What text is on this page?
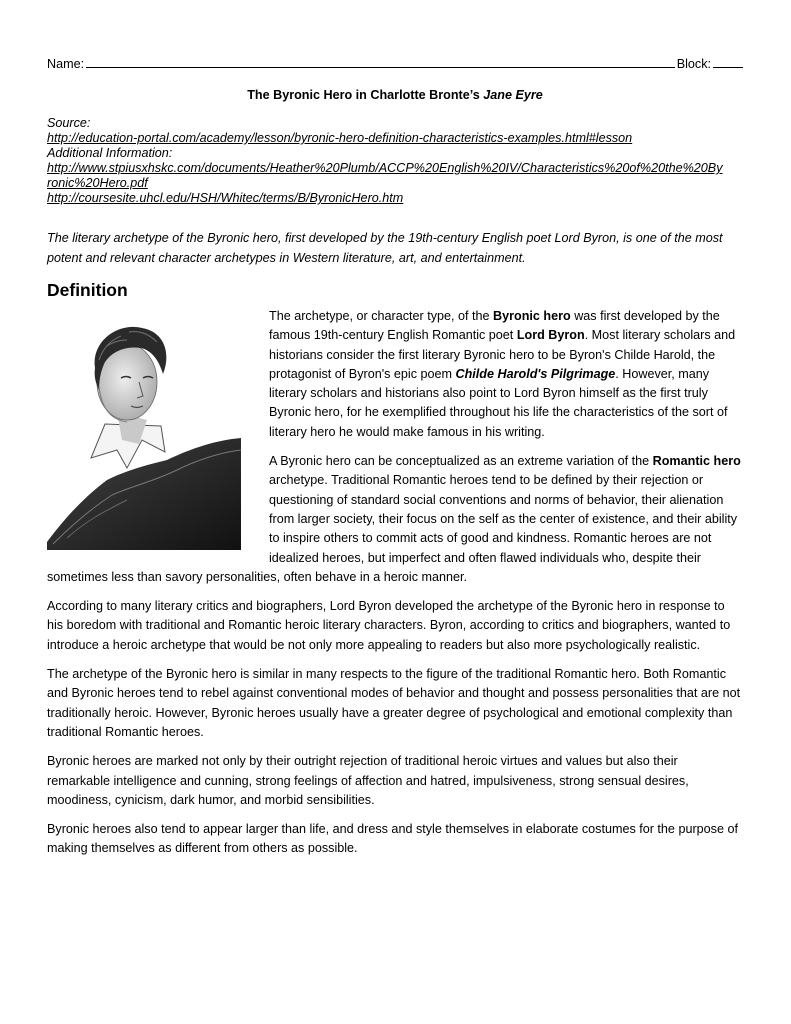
Name:	Block:
The Byronic Hero in Charlotte Bronte’s Jane Eyre
Source:
http://education-portal.com/academy/lesson/byronic-hero-definition-characteristics-examples.html#lesson
Additional Information:
http://www.stpiusxhskc.com/documents/Heather%20Plumb/ACCP%20English%20IV/Characteristics%20of%20the%20By
ronic%20Hero.pdf
http://coursesite.uhcl.edu/HSH/Whitec/terms/B/ByronicHero.htm
The literary archetype of the Byronic hero, first developed by the 19th-century English poet Lord Byron, is one of the most potent and relevant character archetypes in Western literature, art, and entertainment.
Definition

The archetype, or character type, of the Byronic hero was first developed by the famous 19th-century English Romantic poet Lord Byron. Most literary scholars and historians consider the first literary Byronic hero to be Byron's Childe Harold, the protagonist of Byron's epic poem Childe Harold's Pilgrimage. However, many literary scholars and historians also point to Lord Byron himself as the first truly Byronic hero, for he exemplified throughout his life the characteristics of the sort of literary hero he would make famous in his writing.

A Byronic hero can be conceptualized as an extreme variation of the Romantic hero archetype. Traditional Romantic heroes tend to be defined by their rejection or questioning of standard social conventions and norms of behavior, their alienation from larger society, their focus on the self as the center of existence, and their ability to inspire others to commit acts of good and kindness. Romantic heroes are not idealized heroes, but imperfect and often flawed individuals who, despite their sometimes less than savory personalities, often behave in a heroic manner.

According to many literary critics and biographers, Lord Byron developed the archetype of the Byronic hero in response to his boredom with traditional and Romantic heroic literary characters. Byron, according to critics and biographers, wanted to introduce a heroic archetype that would be not only more appealing to readers but also more psychologically realistic.

The archetype of the Byronic hero is similar in many respects to the figure of the traditional Romantic hero. Both Romantic and Byronic heroes tend to rebel against conventional modes of behavior and thought and possess personalities that are not traditionally heroic. However, Byronic heroes usually have a greater degree of psychological and emotional complexity than traditional Romantic heroes.

Byronic heroes are marked not only by their outright rejection of traditional heroic virtues and values but also their remarkable intelligence and cunning, strong feelings of affection and hatred, impulsiveness, strong sensual desires, moodiness, cynicism, dark humor, and morbid sensibilities.

Byronic heroes also tend to appear larger than life, and dress and style themselves in elaborate costumes for the purpose of making themselves as different from others as possible.
